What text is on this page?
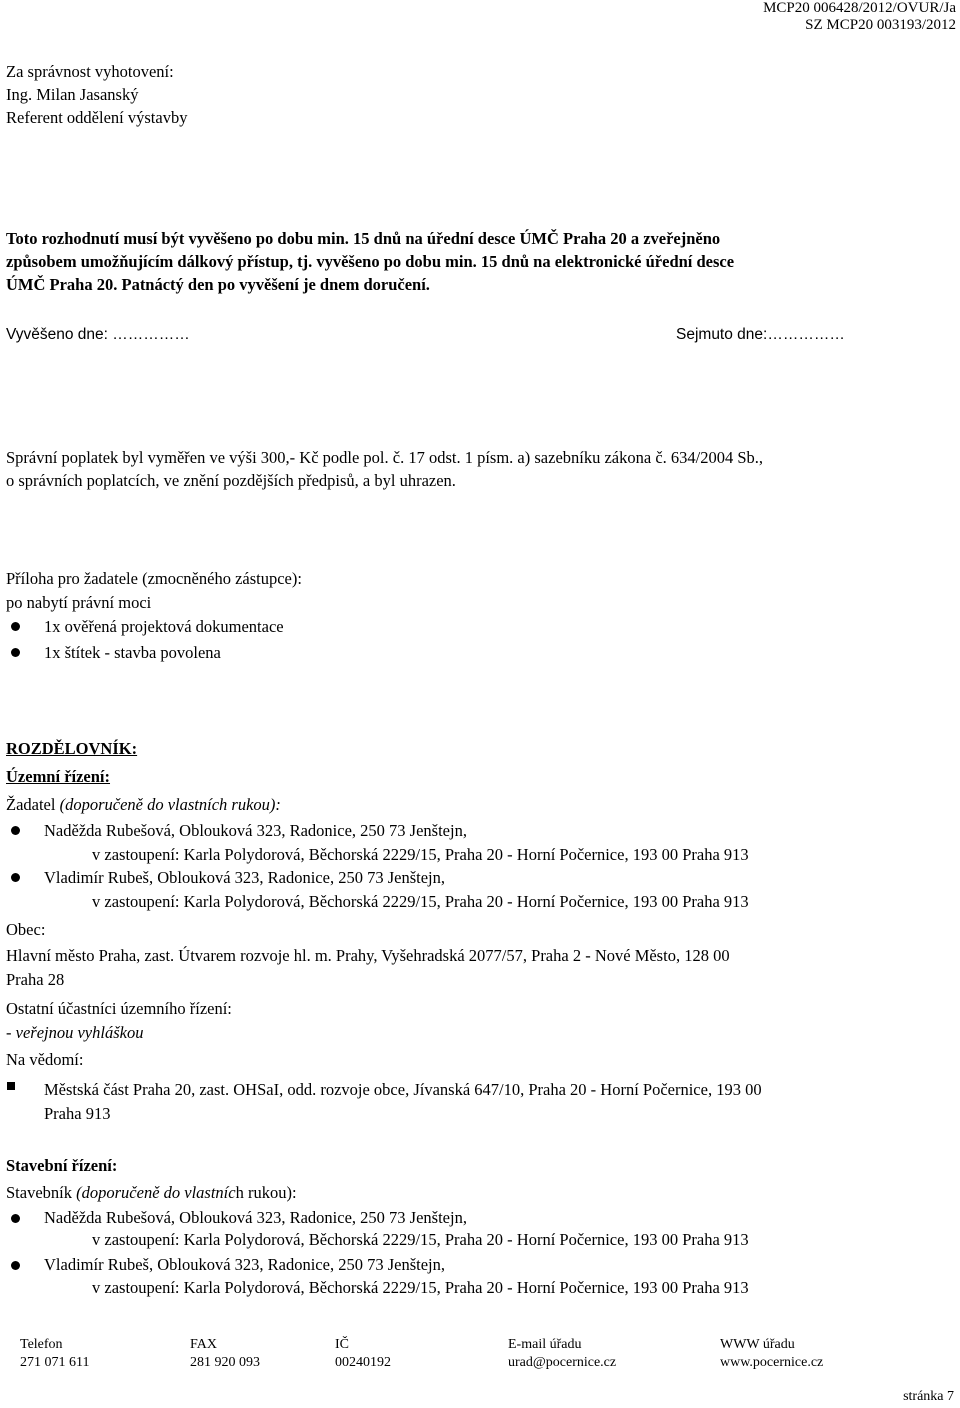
MCP20 006428/2012/OVUR/Ja
SZ MCP20 003193/2012
Za správnost vyhotovení:
Ing. Milan Jasanský
Referent oddělení výstavby
Toto rozhodnutí musí být vyvěšeno po dobu min. 15 dnů na úřední desce ÚMČ Praha 20 a zveřejněno
způsobem umožňujícím dálkový přístup, tj. vyvěšeno po dobu min. 15 dnů na elektronické úřední desce
ÚMČ Praha 20. Patnáctý den po vyvěšení je dnem doručení.
Vyvěšeno dne: ……………	Sejmuto dne:……………
Správní poplatek byl vyměřen ve výši 300,- Kč podle pol. č. 17 odst. 1 písm. a) sazebníku zákona č. 634/2004 Sb.,
o správních poplatcích, ve znění pozdějších předpisů, a byl uhrazen.
Příloha pro žadatele (zmocněného zástupce):
po nabytí právní moci
1x ověřená projektová dokumentace
1x štítek - stavba povolena
ROZDĚLOVNÍK:
Územní řízení:
Žadatel (doporučeně do vlastních rukou):
Naděžda Rubešová, Oblouková 323, Radonice, 250 73 Jenštejn,
v zastoupení: Karla Polydorová, Běchorská 2229/15, Praha 20 - Horní Počernice, 193 00 Praha 913
Vladimír Rubeš, Oblouková 323, Radonice, 250 73 Jenštejn,
v zastoupení: Karla Polydorová, Běchorská 2229/15, Praha 20 - Horní Počernice, 193 00 Praha 913
Obec:
Hlavní město Praha, zast. Útvarem rozvoje hl. m. Prahy, Vyšehradská 2077/57, Praha 2 - Nové Město, 128 00
Praha 28
Ostatní účastníci územního řízení:
- veřejnou vyhláškou
Na vědomí:
Městská část Praha 20, zast. OHSaI, odd. rozvoje obce, Jívanská 647/10, Praha 20 - Horní Počernice, 193 00
Praha 913
Stavební řízení:
Stavebník (doporučeně do vlastních rukou):
Naděžda Rubešová, Oblouková 323, Radonice, 250 73 Jenštejn,
v zastoupení: Karla Polydorová, Běchorská 2229/15, Praha 20 - Horní Počernice, 193 00 Praha 913
Vladimír Rubeš, Oblouková 323, Radonice, 250 73 Jenštejn,
v zastoupení: Karla Polydorová, Běchorská 2229/15, Praha 20 - Horní Počernice, 193 00 Praha 913
Telefon
271 071 611
FAX
281 920 093
IČ
00240192
E-mail úřadu
urad@pocernice.cz
WWW úřadu
www.pocernice.cz
stránka 7
